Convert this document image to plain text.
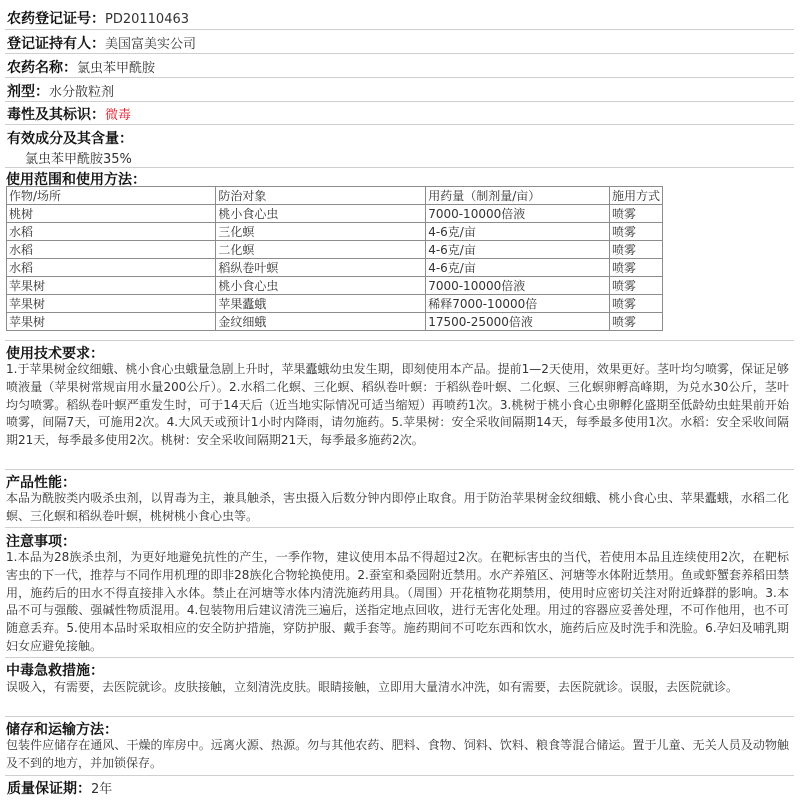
农药登记证号：PD20110463
登记证持有人：美国富美实公司
农药名称：氯虫苯甲酰胺
剂型：水分散粒剂
毒性及其标识：微毒
有效成分及其含量：
氯虫苯甲酰胺35%
使用范围和使用方法：
作物/场所	防治对象	用药量（制剂量/亩）	施用方式
桃树	桃小食心虫	7000-10000倍液	喷雾
水稻	三化螟	4-6克/亩	喷雾
水稻	二化螟	4-6克/亩	喷雾
水稻	稻纵卷叶螟	4-6克/亩	喷雾
苹果树	桃小食心虫	7000-10000倍液	喷雾
苹果树	苹果蠹蛾	稀释7000-10000倍	喷雾
苹果树	金纹细蛾	17500-25000倍液	喷雾
使用技术要求：

1.于苹果树金纹细蛾、桃小食心虫蛾量急剧上升时，苹果蠹蛾幼虫发生期，即刻使用本产品。提前1—2天使用，效果更好。茎叶均匀喷雾，保证足够喷液量（苹果树常规亩用水量200公斤）。2.水稻二化螟、三化螟、稻纵卷叶螟：于稻纵卷叶螟、二化螟、三化螟卵孵高峰期，为兑水30公斤，茎叶均匀喷雾。稻纵卷叶螟严重发生时，可于14天后（近当地实际情况可适当缩短）再喷药1次。3.桃树于桃小食心虫卵孵化盛期至低龄幼虫蛀果前开始喷雾，间隔7天，可施用2次。4.大风天或预计1小时内降雨，请勿施药。5.苹果树：安全采收间隔期14天，每季最多使用1次。水稻：安全采收间隔期21天，每季最多使用2次。桃树：安全采收间隔期21天，每季最多施药2次。

产品性能：

本品为酰胺类内吸杀虫剂，以胃毒为主，兼具触杀，害虫摄入后数分钟内即停止取食。用于防治苹果树金纹细蛾、桃小食心虫、苹果蠹蛾，水稻二化螟、三化螟和稻纵卷叶螟，桃树桃小食心虫等。

注意事项：

1.本品为28族杀虫剂，为更好地避免抗性的产生，一季作物，建议使用本品不得超过2次。在靶标害虫的当代，若使用本品且连续使用2次，在靶标害虫的下一代，推荐与不同作用机理的即非28族化合物轮换使用。2.蚕室和桑园附近禁用。水产养殖区、河塘等水体附近禁用。鱼或虾蟹套养稻田禁用，施药后的田水不得直接排入水体。禁止在河塘等水体内清洗施药用具。（周围）开花植物花期禁用，使用时应密切关注对附近蜂群的影响。3.本品不可与强酸、强碱性物质混用。4.包装物用后建议清洗三遍后，送指定地点回收，进行无害化处理。用过的容器应妥善处理，不可作他用，也不可随意丢弃。5.使用本品时采取相应的安全防护措施，穿防护服、戴手套等。施药期间不可吃东西和饮水，施药后应及时洗手和洗脸。6.孕妇及哺乳期妇女应避免接触。

中毒急救措施：

误吸入，有需要，去医院就诊。皮肤接触，立刻清洗皮肤。眼睛接触，立即用大量清水冲洗，如有需要，去医院就诊。误服，去医院就诊。

储存和运输方法：

包装件应储存在通风、干燥的库房中。远离火源、热源。勿与其他农药、肥料、食物、饲料、饮料、粮食等混合储运。置于儿童、无关人员及动物触及不到的地方，并加锁保存。

质量保证期：2年
